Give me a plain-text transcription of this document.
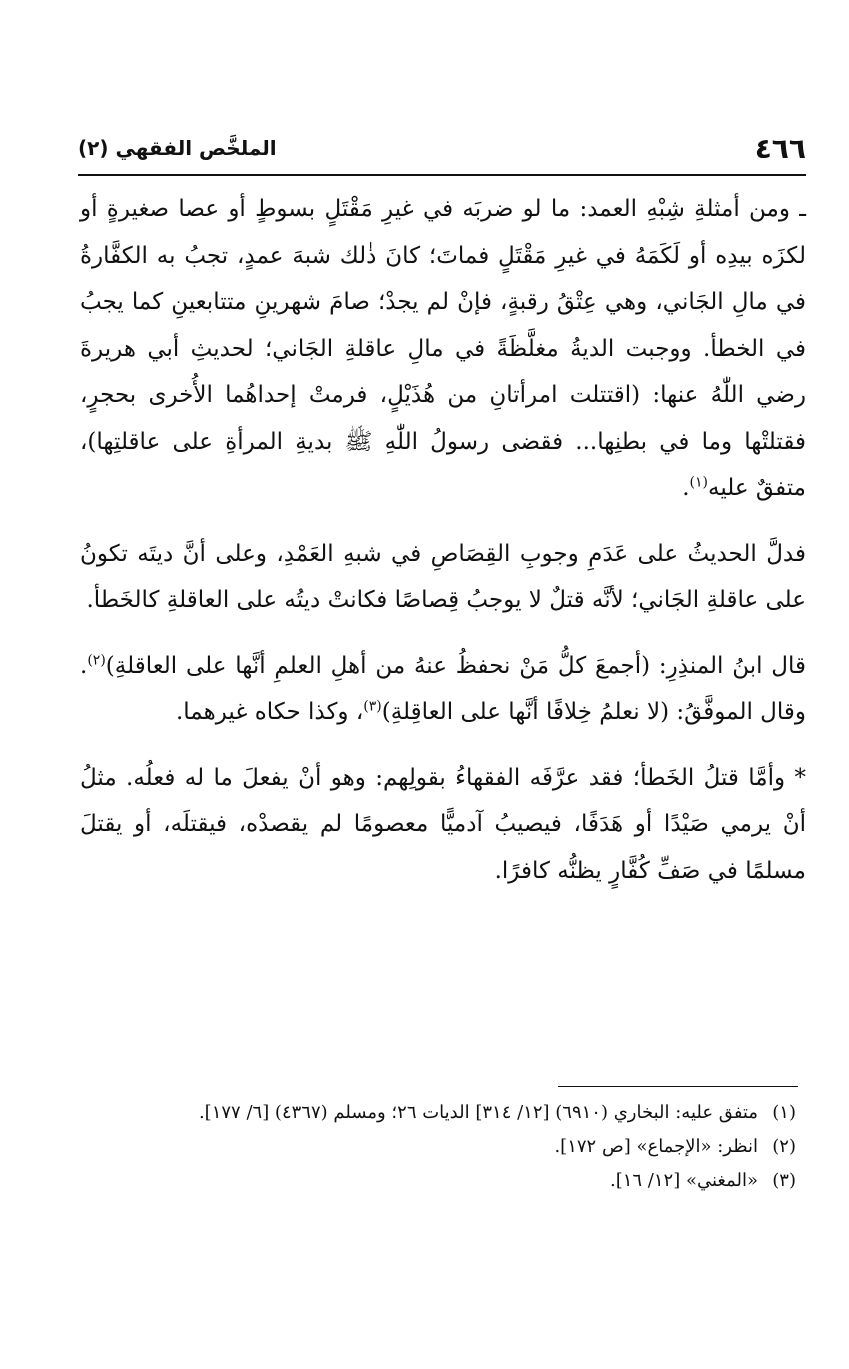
٤٦٦
الملخَّص الفقهي (٢)

ـ ومن أمثلةِ شِبْهِ العمد: ما لو ضربَه في غيرِ مَقْتَلٍ بسوطٍ أو عصا صغيرةٍ أو لكزَه بيدِه أو لَكَمَهُ في غيرِ مَقْتَلٍ فماتَ؛ كانَ ذٰلك شبهَ عمدٍ، تجبُ به الكفَّارةُ في مالِ الجَاني، وهي عِتْقُ رقبةٍ، فإنْ لم يجدْ؛ صامَ شهرينِ متتابعينِ كما يجبُ في الخطأ. ووجبت الديةُ مغلَّظَةً في مالِ عاقلةِ الجَاني؛ لحديثِ أبي هريرةَ رضي اللّٰهُ عنها: (اقتتلت امرأتانِ من هُذَيْلٍ، فرمتْ إحداهُما الأُخرى بحجرٍ، فقتلتْها وما في بطنِها... فقضى رسولُ اللّٰهِ ﷺ بديةِ المرأةِ على عاقلتِها)، متفقٌ عليه$^{(١)}$.

فدلَّ الحديثُ على عَدَمِ وجوبِ القِصَاصِ في شبهِ العَمْدِ، وعلى أنَّ ديتَه تكونُ على عاقلةِ الجَاني؛ لأنَّه قتلٌ لا يوجبُ قِصاصًا فكانتْ ديتُه على العاقلةِ كالخَطأ.

قال ابنُ المنذِرِ: (أجمعَ كلُّ مَنْ نحفظُ عنهُ من أهلِ العلمِ أنَّها على العاقلةِ)$^{(٢)}$. وقال الموفَّقُ: (لا نعلمُ خِلافًا أنَّها على العاقِلةِ)$^{(٣)}$، وكذا حكاه غيرهما.

* وأمَّا قتلُ الخَطأ؛ فقد عرَّفَه الفقهاءُ بقولِهم: وهو أنْ يفعلَ ما له فعلُه. مثلُ أنْ يرمي صَيْدًا أو هَدَفًا، فيصيبُ آدميًّا معصومًا لم يقصدْه، فيقتلَه، أو يقتلَ مسلمًا في صَفِّ كُفَّارٍ يظنُّه كافرًا.

(١)
متفق عليه: البخاري (٦٩١٠) [١٢/ ٣١٤] الديات ٢٦؛ ومسلم (٤٣٦٧) [٦/ ١٧٧].
(٢)
انظر: «الإجماع» [ص ١٧٢].
(٣)
«المغني» [١٢/ ١٦].
